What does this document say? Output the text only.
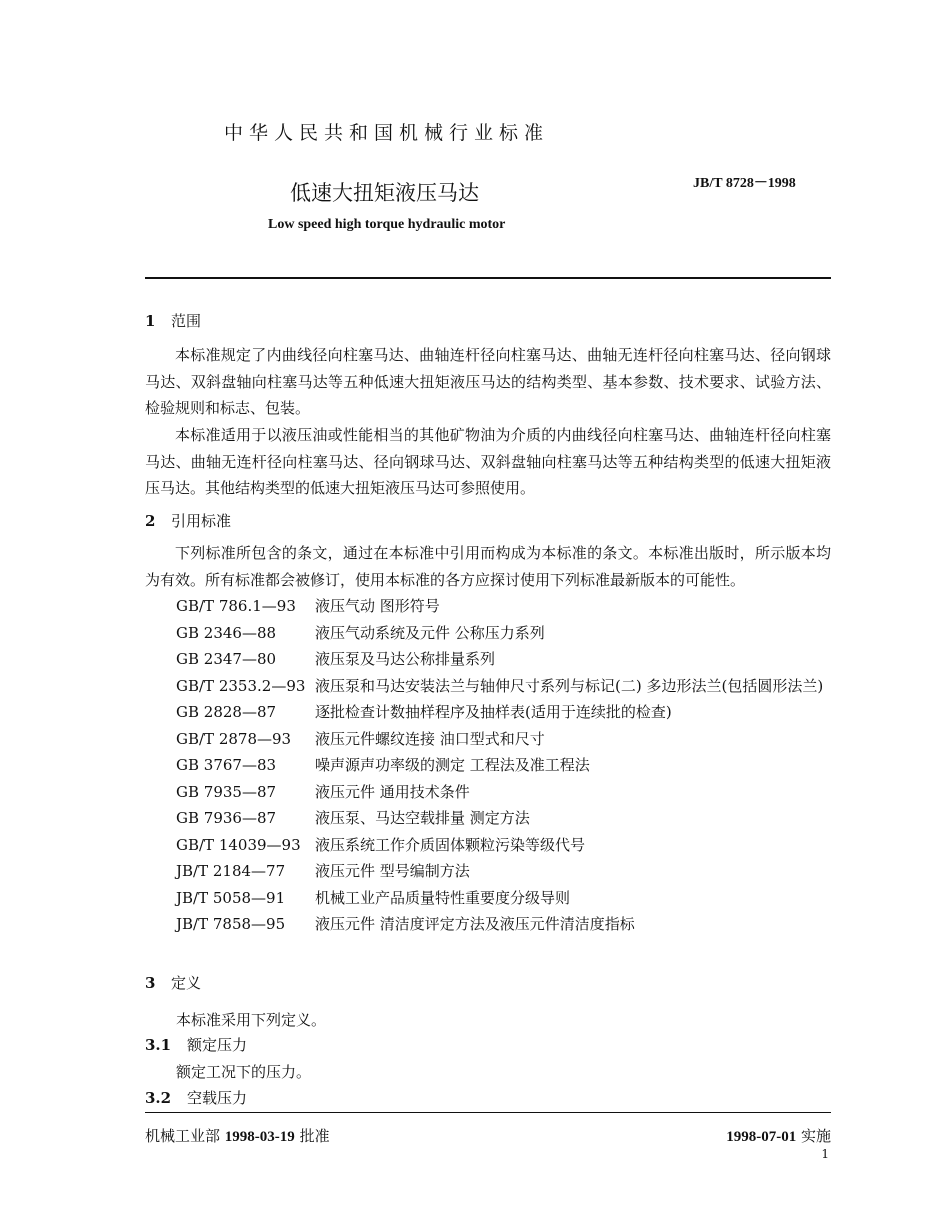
中华人民共和国机械行业标准
JB/T 8728－1998
低速大扭矩液压马达
Low speed high torque hydraulic motor
1 范围
本标准规定了内曲线径向柱塞马达、曲轴连杆径向柱塞马达、曲轴无连杆径向柱塞马达、径向钢球马达、双斜盘轴向柱塞马达等五种低速大扭矩液压马达的结构类型、基本参数、技术要求、试验方法、检验规则和标志、包装。
本标准适用于以液压油或性能相当的其他矿物油为介质的内曲线径向柱塞马达、曲轴连杆径向柱塞马达、曲轴无连杆径向柱塞马达、径向钢球马达、双斜盘轴向柱塞马达等五种结构类型的低速大扭矩液压马达。其他结构类型的低速大扭矩液压马达可参照使用。
2 引用标准
下列标准所包含的条文，通过在本标准中引用而构成为本标准的条文。本标准出版时，所示版本均为有效。所有标准都会被修订，使用本标准的各方应探讨使用下列标准最新版本的可能性。
GB/T 786.1—93	液压气动 图形符号
GB 2346—88	液压气动系统及元件 公称压力系列
GB 2347—80	液压泵及马达公称排量系列
GB/T 2353.2—93 液压泵和马达安装法兰与轴伸尺寸系列与标记(二) 多边形法兰(包括圆形法兰)
GB 2828—87	逐批检查计数抽样程序及抽样表(适用于连续批的检查)
GB/T 2878—93	液压元件螺纹连接 油口型式和尺寸
GB 3767—83	噪声源声功率级的测定 工程法及准工程法
GB 7935—87	液压元件 通用技术条件
GB 7936—87	液压泵、马达空载排量 测定方法
GB/T 14039—93 液压系统工作介质固体颗粒污染等级代号
JB/T 2184—77	液压元件 型号编制方法
JB/T 5058—91	机械工业产品质量特性重要度分级导则
JB/T 7858—95	液压元件 清洁度评定方法及液压元件清洁度指标
3 定义
本标准采用下列定义。
3.1 额定压力
额定工况下的压力。
3.2 空载压力
机械工业部 1998-03-19 批准	1998-07-01 实施
1
